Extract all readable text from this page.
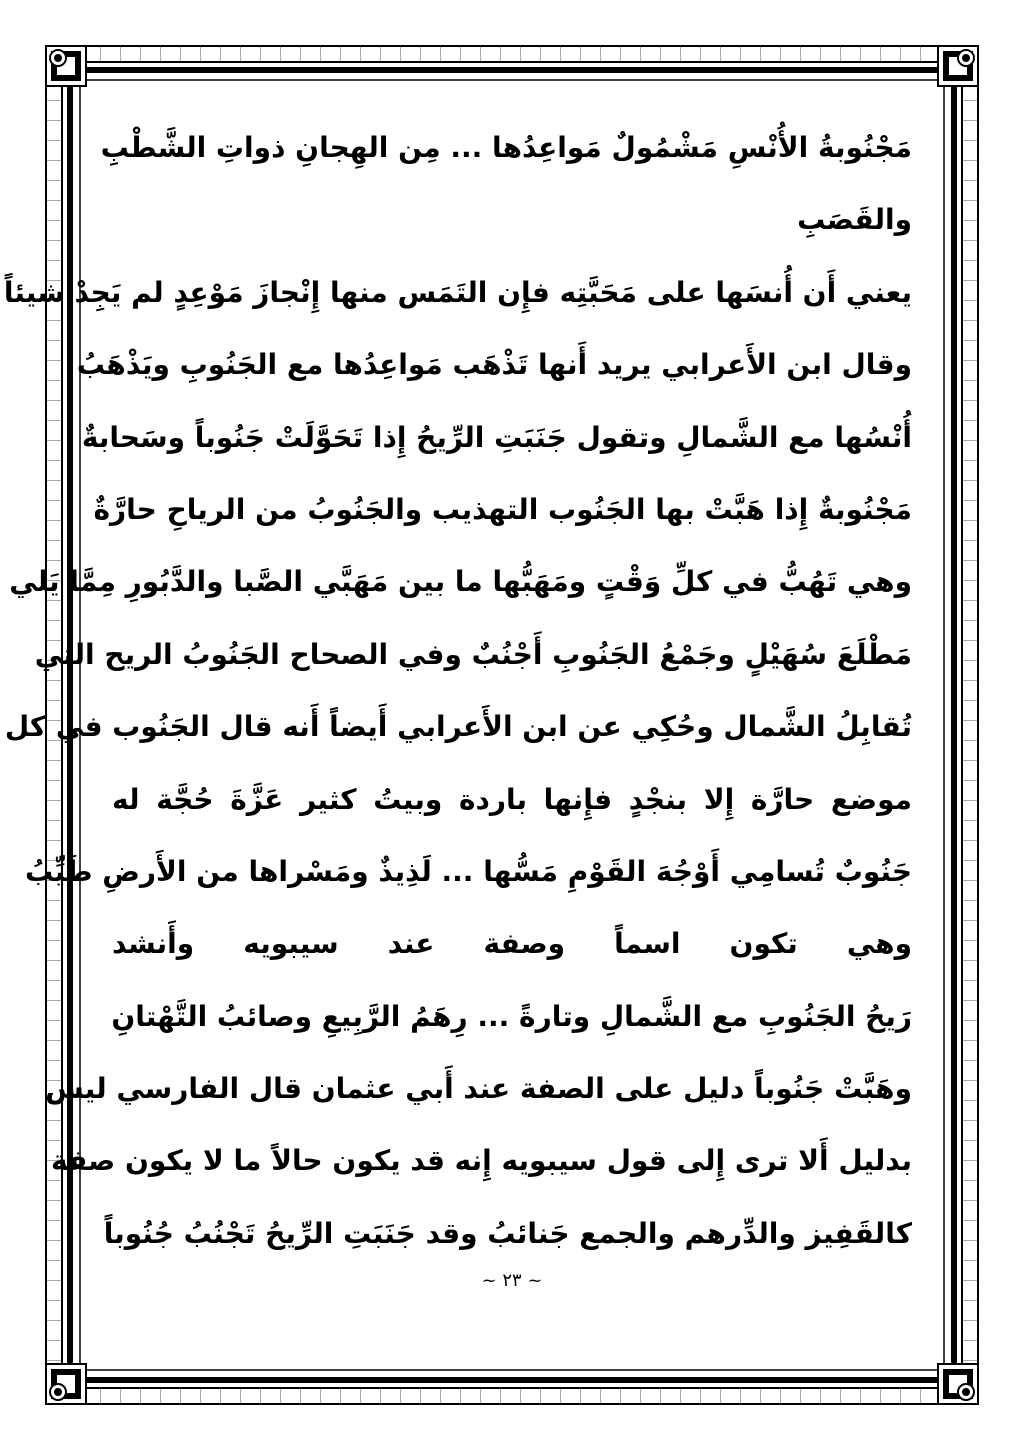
مَجْنُوبةُ الأُنْسِ مَشْمُولٌ مَواعِدُها ... مِن الهِجانِ ذواتِ الشَّطْبِ
والقَصَبِ
يعني أَن أُنسَها على مَحَبَّتِه فإِن التَمَس منها إِنْجازَ مَوْعِدٍ لم يَجِدْ شيئاً
وقال ابن الأَعرابي يريد أَنها تَذْهَب مَواعِدُها مع الجَنُوبِ ويَذْهَبُ
أُنْسُها مع الشَّمالِ وتقول جَنَبَتِ الرِّيحُ إِذا تَحَوَّلَتْ جَنُوباً وسَحابةٌ
مَجْنُوبةٌ إِذا هَبَّتْ بها الجَنُوب التهذيب والجَنُوبُ من الرياحِ حارَّةٌ
وهي تَهُبُّ في كلِّ وَقْتٍ ومَهَبُّها ما بين مَهَبَّي الصَّبا والدَّبُورِ مِمَّا يَلي
مَطْلَعَ سُهَيْلٍ وجَمْعُ الجَنُوبِ أَجْنُبٌ وفي الصحاح الجَنُوبُ الريح التي
تُقابِلُ الشَّمال وحُكِي عن ابن الأَعرابي أَيضاً أَنه قال الجَنُوب في كل
موضع حارَّة إِلا بنجْدٍ فإِنها باردة وبيتُ كثير عَزَّةَ حُجَّة له
جَنُوبٌ تُسامِي أَوْجُهَ القَوْمِ مَسُّها ... لَذِيذٌ ومَسْراها من الأَرضِ طَيِّبُ
وهي تكون اسماً وصفة عند سيبويه وأَنشد
رَيحُ الجَنُوبِ مع الشَّمالِ وتارةً ... رِهَمُ الرَّبِيعِ وصائبُ التَّهْتانِ
وهَبَّتْ جَنُوباً دليل على الصفة عند أَبي عثمان قال الفارسي ليس
بدليل أَلا ترى إِلى قول سيبويه إِنه قد يكون حالاً ما لا يكون صفة
كالقَفِيز والدِّرهم والجمع جَنائبُ وقد جَنَبَتِ الرِّيحُ تَجْنُبُ جُنُوباً
~ ٢٣ ~
